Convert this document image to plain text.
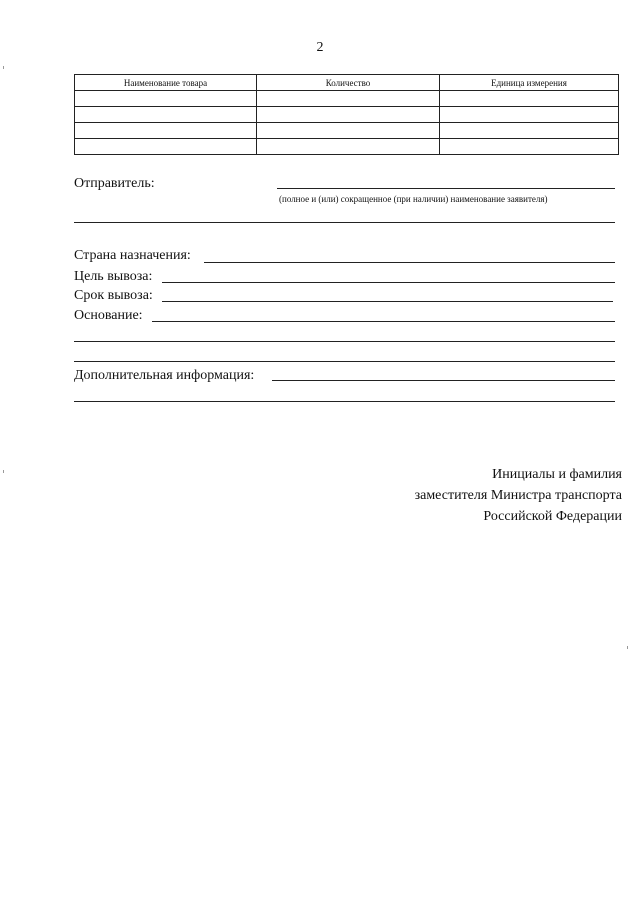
2
Наименование товара	Количество	Единица измерения

Отправитель:
(полное и (или) сокращенное (при наличии) наименование заявителя)
Страна назначения:
Цель вывоза:
Срок вывоза:
Основание:
Дополнительная информация:
Инициалы и фамилия
заместителя Министра транспорта
Российской Федерации
